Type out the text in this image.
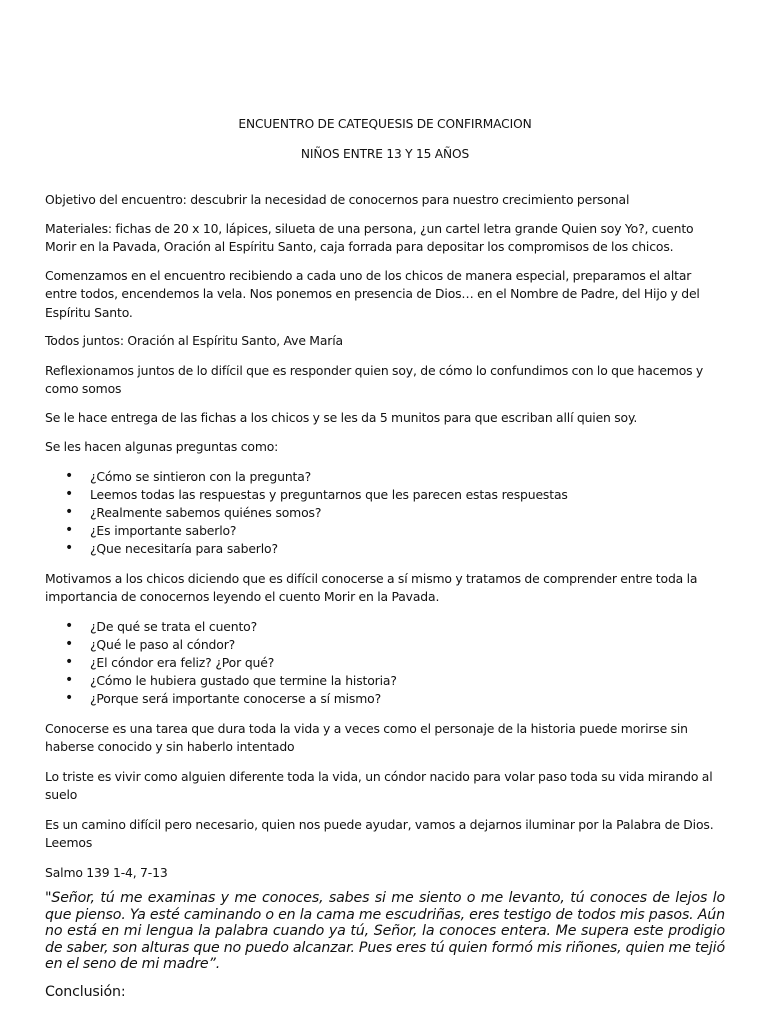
ENCUENTRO DE CATEQUESIS DE CONFIRMACION

NIÑOS ENTRE 13 Y 15 AÑOS

Objetivo del encuentro: descubrir la necesidad de conocernos para nuestro crecimiento personal

Materiales: fichas de 20 x 10, lápices, silueta de una persona, ¿un cartel letra grande Quien soy Yo?, cuento Morir en la Pavada, Oración al Espíritu Santo, caja forrada para depositar los compromisos de los chicos.

Comenzamos en el encuentro recibiendo a cada uno de los chicos de manera especial, preparamos el altar entre todos, encendemos la vela. Nos ponemos en presencia de Dios… en el Nombre de Padre, del Hijo y del Espíritu Santo.

Todos juntos: Oración al Espíritu Santo, Ave María

Reflexionamos juntos de lo difícil que es responder quien soy, de cómo lo confundimos con lo que hacemos y como somos

Se le hace entrega de las fichas a los chicos y se les da 5 munitos para que escriban allí quien soy.

Se les hacen algunas preguntas como:

• ¿Cómo se sintieron con la pregunta?
• Leemos todas las respuestas y preguntarnos que les parecen estas respuestas
• ¿Realmente sabemos quiénes somos?
• ¿Es importante saberlo?
• ¿Que necesitaría para saberlo?

Motivamos a los chicos diciendo que es difícil conocerse a sí mismo y tratamos de comprender entre toda la importancia de conocernos leyendo el cuento Morir en la Pavada.

• ¿De qué se trata el cuento?
• ¿Qué le paso al cóndor?
• ¿El cóndor era feliz? ¿Por qué?
• ¿Cómo le hubiera gustado que termine la historia?
• ¿Porque será importante conocerse a sí mismo?

Conocerse es una tarea que dura toda la vida y a veces como el personaje de la historia puede morirse sin haberse conocido y sin haberlo intentado

Lo triste es vivir como alguien diferente toda la vida, un cóndor nacido para volar paso toda su vida mirando al suelo

Es un camino difícil pero necesario, quien nos puede ayudar, vamos a dejarnos iluminar por la Palabra de Dios. Leemos

Salmo 139 1-4, 7-13

"Señor, tú me examinas y me conoces, sabes si me siento o me levanto, tú conoces de lejos lo que pienso. Ya esté caminando o en la cama me escudriñas, eres testigo de todos mis pasos. Aún no está en mi lengua la palabra cuando ya tú, Señor, la conoces entera. Me supera este prodigio de saber, son alturas que no puedo alcanzar. Pues eres tú quien formó mis riñones, quien me tejió en el seno de mi madre”.

Conclusión:
